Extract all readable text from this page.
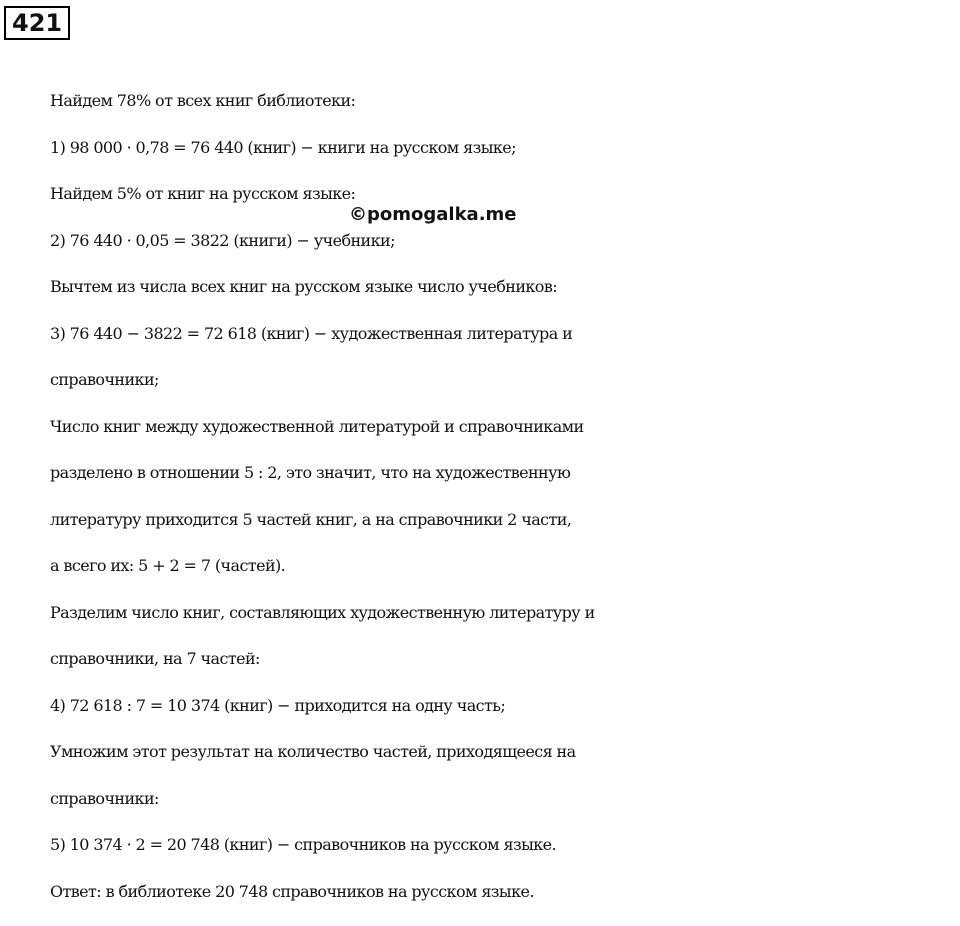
421
Найдем 78% от всех книг библиотеки:
1) 98 000 · 0,78 = 76 440 (книг) − книги на русском языке;
Найдем 5% от книг на русском языке:
2) 76 440 · 0,05 = 3822 (книги) − учебники;
Вычтем из числа всех книг на русском языке число учебников:
3) 76 440 − 3822 = 72 618 (книг) − художественная литература и
справочники;
Число книг между художественной литературой и справочниками
разделено в отношении 5 : 2, это значит, что на художественную
литературу приходится 5 частей книг, а на справочники 2 части,
а всего их: 5 + 2 = 7 (частей).
Разделим число книг, составляющих художественную литературу и
справочники, на 7 частей:
4) 72 618 : 7 = 10 374 (книг) − приходится на одну часть;
Умножим этот результат на количество частей, приходящееся на
справочники:
5) 10 374 · 2 = 20 748 (книг) − справочников на русском языке.
Ответ: в библиотеке 20 748 справочников на русском языке.
©pomogalka.me
